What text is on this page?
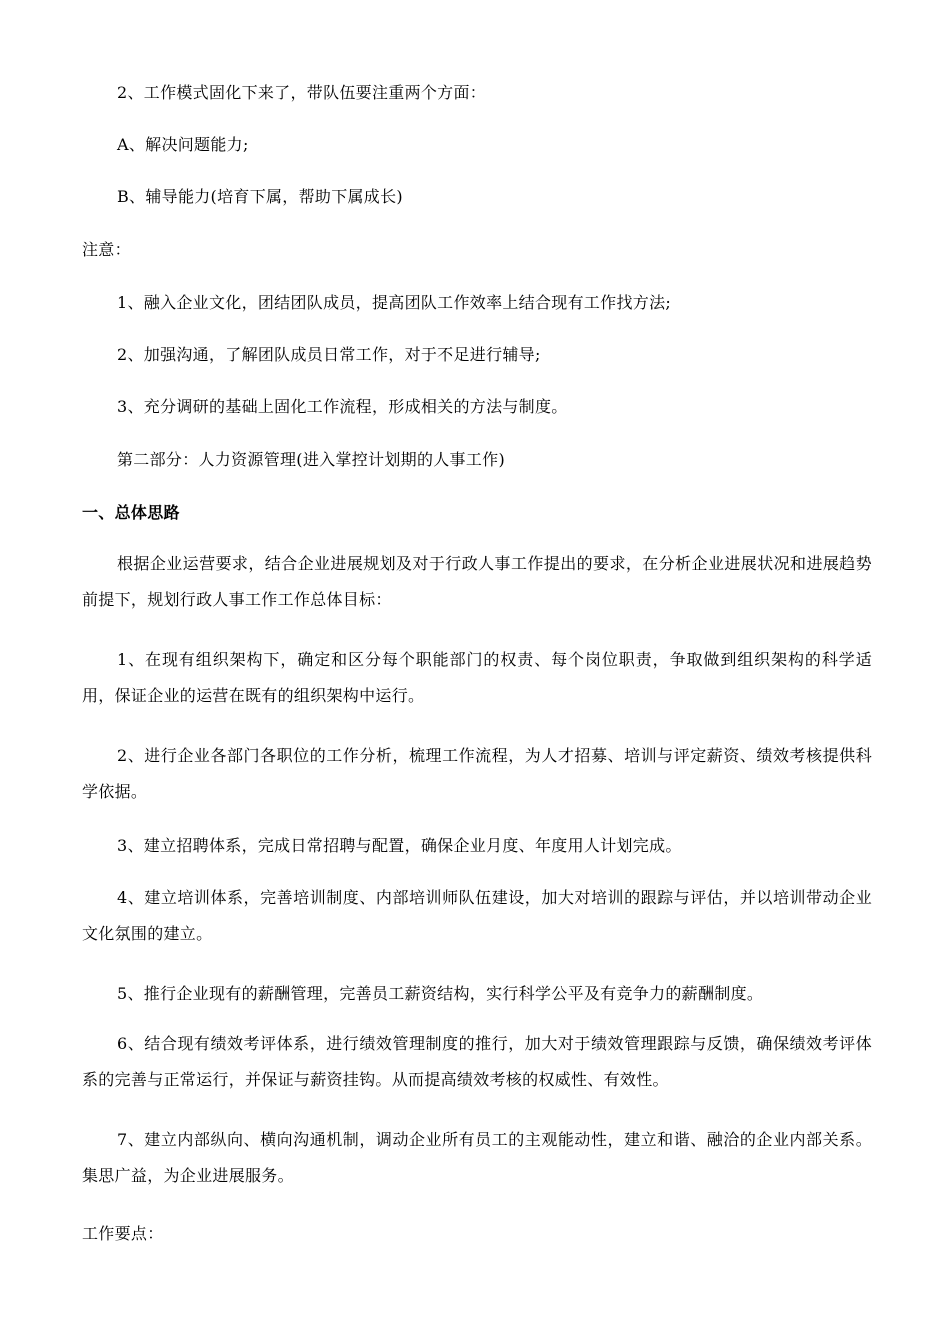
2、工作模式固化下来了，带队伍要注重两个方面：
A、解决问题能力;
B、辅导能力(培育下属，帮助下属成长)
注意：
1、融入企业文化，团结团队成员，提高团队工作效率上结合现有工作找方法;
2、加强沟通，了解团队成员日常工作，对于不足进行辅导;
3、充分调研的基础上固化工作流程，形成相关的方法与制度。
第二部分：人力资源管理(进入掌控计划期的人事工作)
一、总体思路
根据企业运营要求，结合企业进展规划及对于行政人事工作提出的要求，在分析企业进展状况和进展趋势前提下，规划行政人事工作工作总体目标：
1、在现有组织架构下，确定和区分每个职能部门的权责、每个岗位职责，争取做到组织架构的科学适用，保证企业的运营在既有的组织架构中运行。
2、进行企业各部门各职位的工作分析，梳理工作流程，为人才招募、培训与评定薪资、绩效考核提供科学依据。
3、建立招聘体系，完成日常招聘与配置，确保企业月度、年度用人计划完成。
4、建立培训体系，完善培训制度、内部培训师队伍建设，加大对培训的跟踪与评估，并以培训带动企业文化氛围的建立。
5、推行企业现有的薪酬管理，完善员工薪资结构，实行科学公平及有竞争力的薪酬制度。
6、结合现有绩效考评体系，进行绩效管理制度的推行，加大对于绩效管理跟踪与反馈，确保绩效考评体系的完善与正常运行，并保证与薪资挂钩。从而提高绩效考核的权威性、有效性。
7、建立内部纵向、横向沟通机制，调动企业所有员工的主观能动性，建立和谐、融洽的企业内部关系。集思广益，为企业进展服务。
工作要点：
